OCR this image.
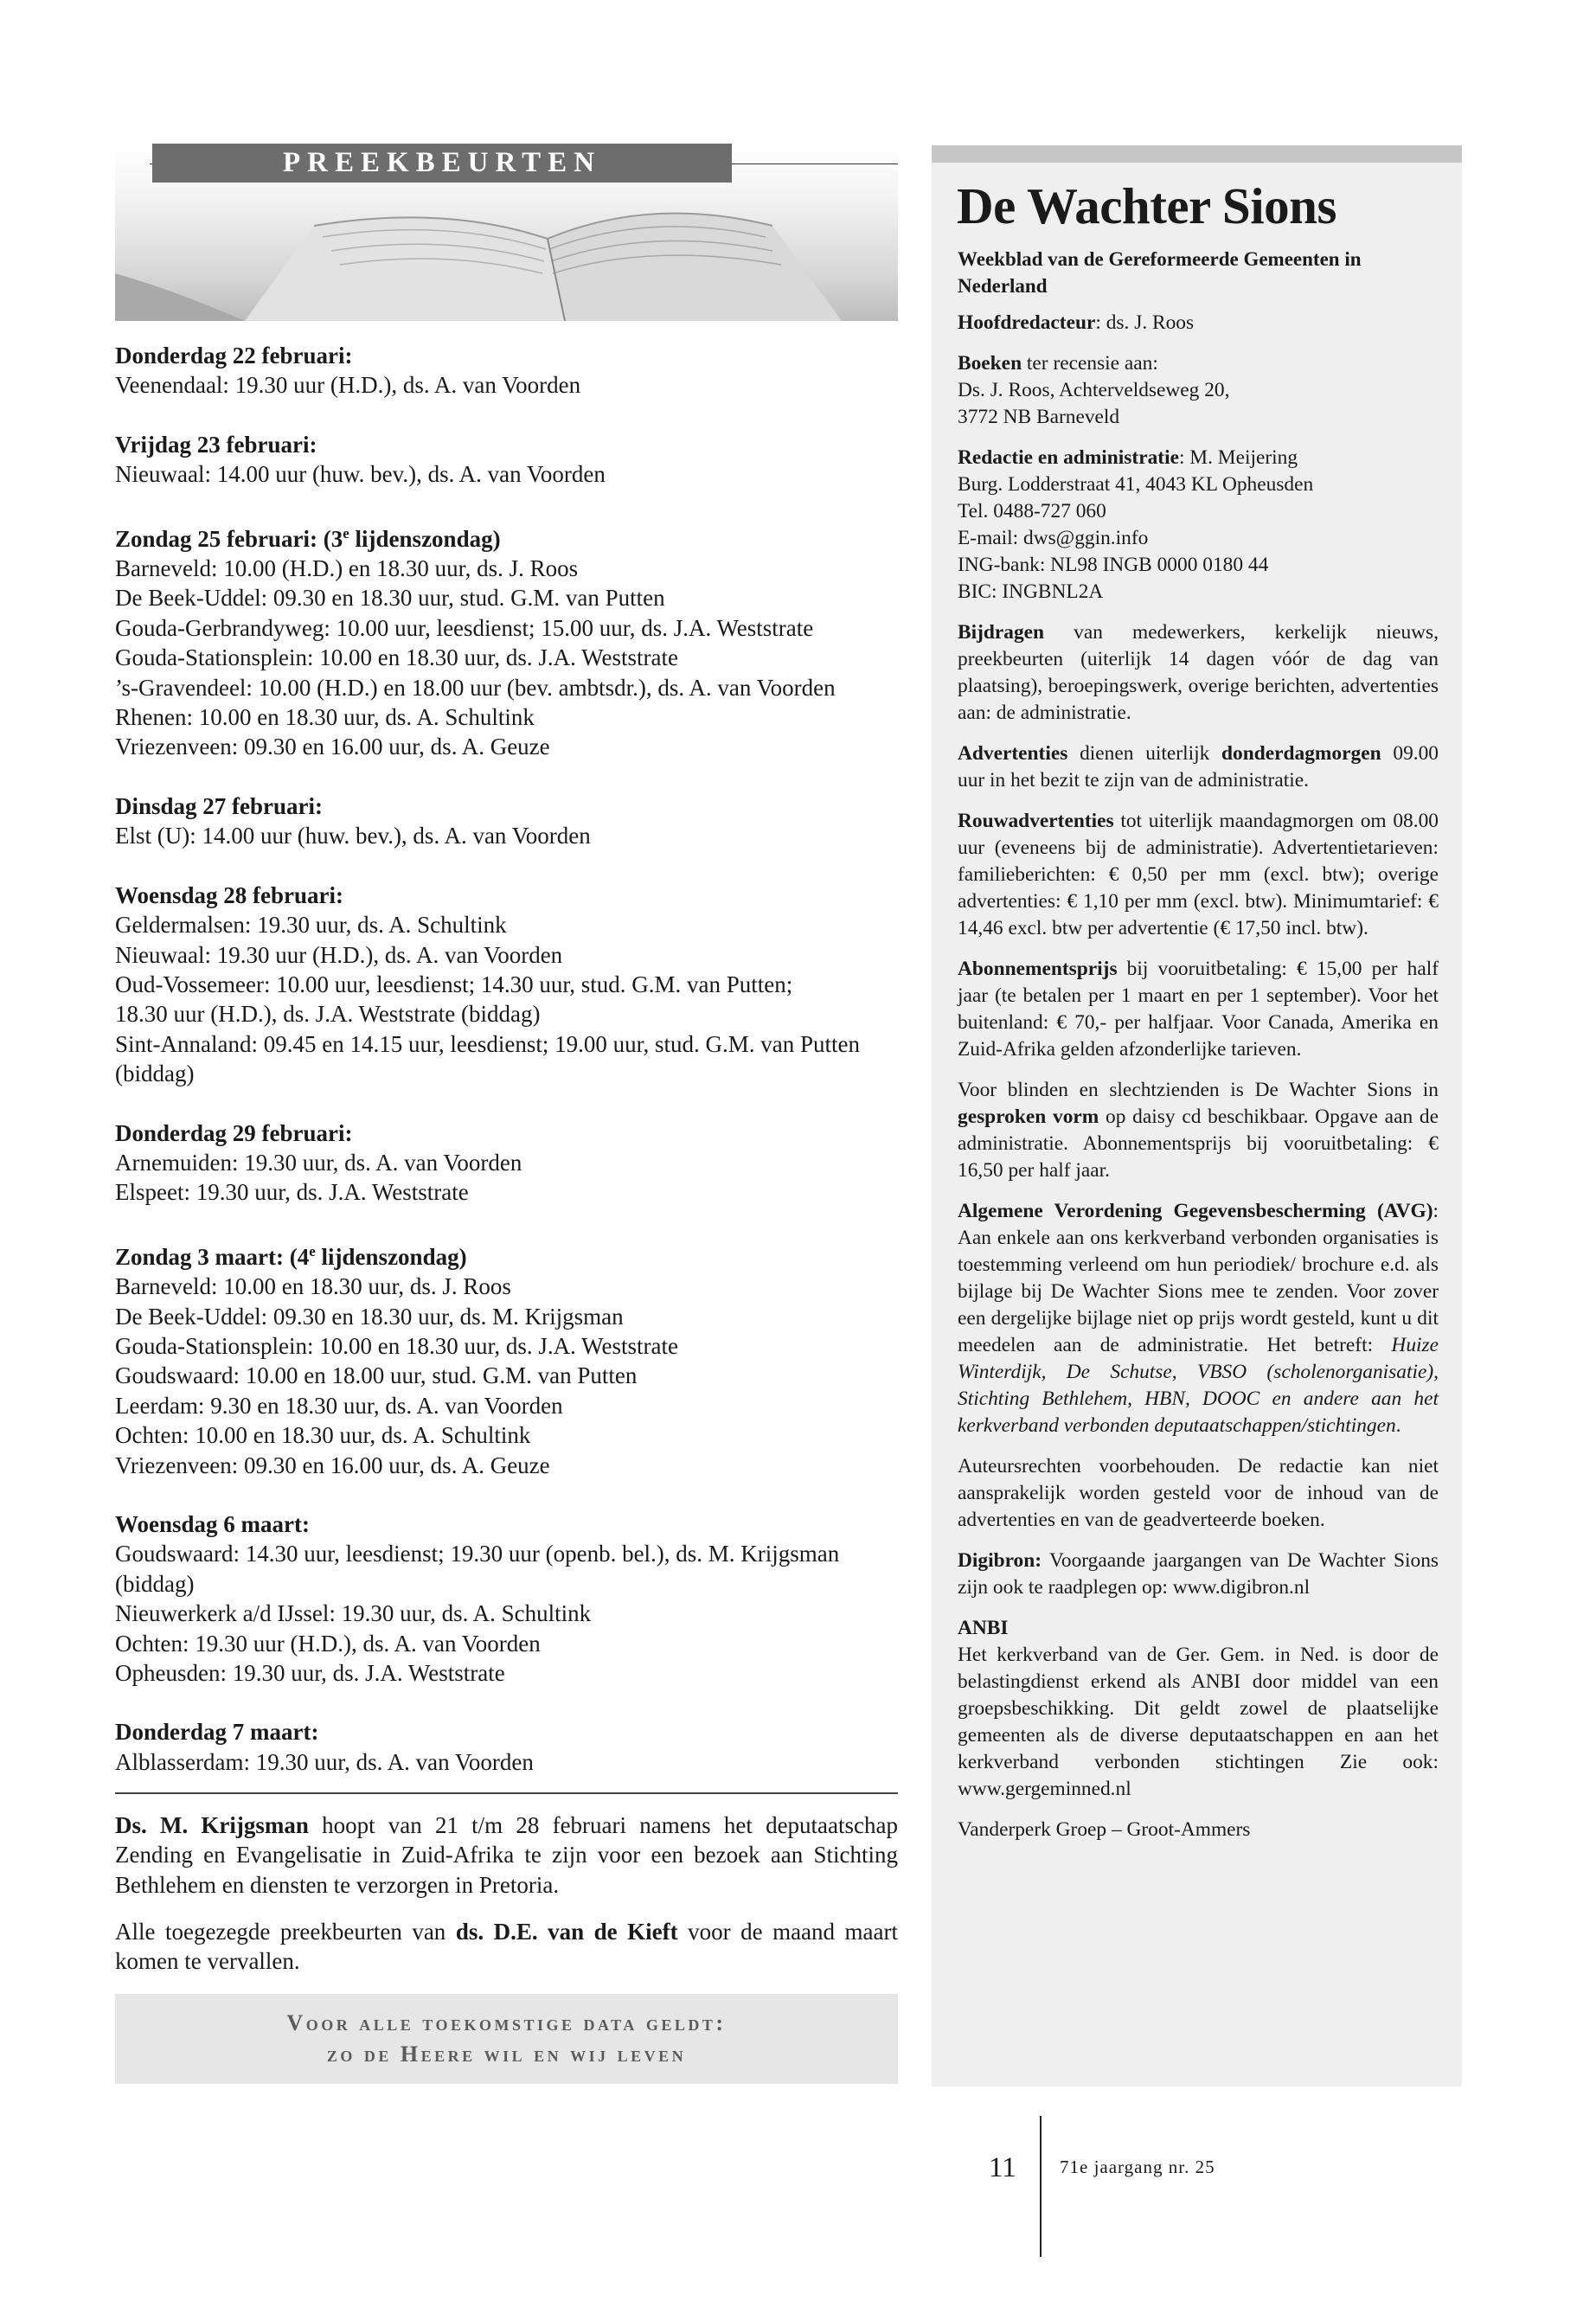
PREEKBEURTEN
Donderdag 22 februari:
Veenendaal: 19.30 uur (H.D.), ds. A. van Voorden
Vrijdag 23 februari:
Nieuwaal: 14.00 uur (huw. bev.), ds. A. van Voorden
Zondag 25 februari: (3e lijdenszondag)
Barneveld: 10.00 (H.D.) en 18.30 uur, ds. J. Roos
De Beek-Uddel: 09.30 en 18.30 uur, stud. G.M. van Putten
Gouda-Gerbrandyweg: 10.00 uur, leesdienst; 15.00 uur, ds. J.A. Weststrate
Gouda-Stationsplein: 10.00 en 18.30 uur, ds. J.A. Weststrate
’s-Gravendeel: 10.00 (H.D.) en 18.00 uur (bev. ambtsdr.), ds. A. van Voorden
Rhenen: 10.00 en 18.30 uur, ds. A. Schultink
Vriezenveen: 09.30 en 16.00 uur, ds. A. Geuze
Dinsdag 27 februari:
Elst (U): 14.00 uur (huw. bev.), ds. A. van Voorden
Woensdag 28 februari:
Geldermalsen: 19.30 uur, ds. A. Schultink
Nieuwaal: 19.30 uur (H.D.), ds. A. van Voorden
Oud-Vossemeer: 10.00 uur, leesdienst; 14.30 uur, stud. G.M. van Putten;
18.30 uur (H.D.), ds. J.A. Weststrate (biddag)
Sint-Annaland: 09.45 en 14.15 uur, leesdienst; 19.00 uur, stud. G.M. van Putten
(biddag)
Donderdag 29 februari:
Arnemuiden: 19.30 uur, ds. A. van Voorden
Elspeet: 19.30 uur, ds. J.A. Weststrate
Zondag 3 maart: (4e lijdenszondag)
Barneveld: 10.00 en 18.30 uur, ds. J. Roos
De Beek-Uddel: 09.30 en 18.30 uur, ds. M. Krijgsman
Gouda-Stationsplein: 10.00 en 18.30 uur, ds. J.A. Weststrate
Goudswaard: 10.00 en 18.00 uur, stud. G.M. van Putten
Leerdam: 9.30 en 18.30 uur, ds. A. van Voorden
Ochten: 10.00 en 18.30 uur, ds. A. Schultink
Vriezenveen: 09.30 en 16.00 uur, ds. A. Geuze
Woensdag 6 maart:
Goudswaard: 14.30 uur, leesdienst; 19.30 uur (openb. bel.), ds. M. Krijgsman
(biddag)
Nieuwerkerk a/d IJssel: 19.30 uur, ds. A. Schultink
Ochten: 19.30 uur (H.D.), ds. A. van Voorden
Opheusden: 19.30 uur, ds. J.A. Weststrate
Donderdag 7 maart:
Alblasserdam: 19.30 uur, ds. A. van Voorden
Ds. M. Krijgsman hoopt van 21 t/m 28 februari namens het deputaatschap Zending en Evangelisatie in Zuid-Afrika te zijn voor een bezoek aan Stichting Bethlehem en diensten te verzorgen in Pretoria.
Alle toegezegde preekbeurten van ds. D.E. van de Kieft voor de maand maart komen te vervallen.
Voor alle toekomstige data geldt:
zo de Heere wil en wij leven
De Wachter Sions
Weekblad van de Gereformeerde Gemeenten in Nederland
Hoofdredacteur: ds. J. Roos
Boeken ter recensie aan:
Ds. J. Roos, Achterveldseweg 20,
3772 NB Barneveld
Redactie en administratie: M. Meijering
Burg. Lodderstraat 41, 4043 KL Opheusden
Tel. 0488-727 060
E-mail: dws@ggin.info
ING-bank: NL98 INGB 0000 0180 44
BIC: INGBNL2A
Bijdragen van medewerkers, kerkelijk nieuws, preekbeurten (uiterlijk 14 dagen vóór de dag van plaatsing), beroepingswerk, overige berichten, advertenties aan: de administratie.
Advertenties dienen uiterlijk donderdagmorgen 09.00 uur in het bezit te zijn van de administratie.
Rouwadvertenties tot uiterlijk maandagmorgen om 08.00 uur (eveneens bij de administratie). Advertentietarieven: familieberichten: € 0,50 per mm (excl. btw); overige advertenties: € 1,10 per mm (excl. btw). Minimumtarief: € 14,46 excl. btw per advertentie (€ 17,50 incl. btw).
Abonnementsprijs bij vooruitbetaling: € 15,00 per half jaar (te betalen per 1 maart en per 1 september). Voor het buitenland: € 70,- per halfjaar. Voor Canada, Amerika en Zuid-Afrika gelden afzonderlijke tarieven.
Voor blinden en slechtzienden is De Wachter Sions in gesproken vorm op daisy cd beschikbaar. Opgave aan de administratie. Abonnementsprijs bij vooruitbetaling: € 16,50 per half jaar.
Algemene Verordening Gegevensbescherming (AVG): Aan enkele aan ons kerkverband verbonden organisaties is toestemming verleend om hun periodiek/ brochure e.d. als bijlage bij De Wachter Sions mee te zenden. Voor zover een dergelijke bijlage niet op prijs wordt gesteld, kunt u dit meedelen aan de administratie. Het betreft: Huize Winterdijk, De Schutse, VBSO (scholenorganisatie), Stichting Bethlehem, HBN, DOOC en andere aan het kerkverband verbonden deputaatschappen/stichtingen.
Auteursrechten voorbehouden. De redactie kan niet aansprakelijk worden gesteld voor de inhoud van de advertenties en van de geadverteerde boeken.
Digibron: Voorgaande jaargangen van De Wachter Sions zijn ook te raadplegen op: www.digibron.nl
ANBI
Het kerkverband van de Ger. Gem. in Ned. is door de belastingdienst erkend als ANBI door middel van een groepsbeschikking. Dit geldt zowel de plaatselijke gemeenten als de diverse deputaatschappen en aan het kerkverband verbonden stichtingen Zie ook: www.gergeminned.nl
Vanderperk Groep – Groot-Ammers
11 71e jaargang nr. 25
